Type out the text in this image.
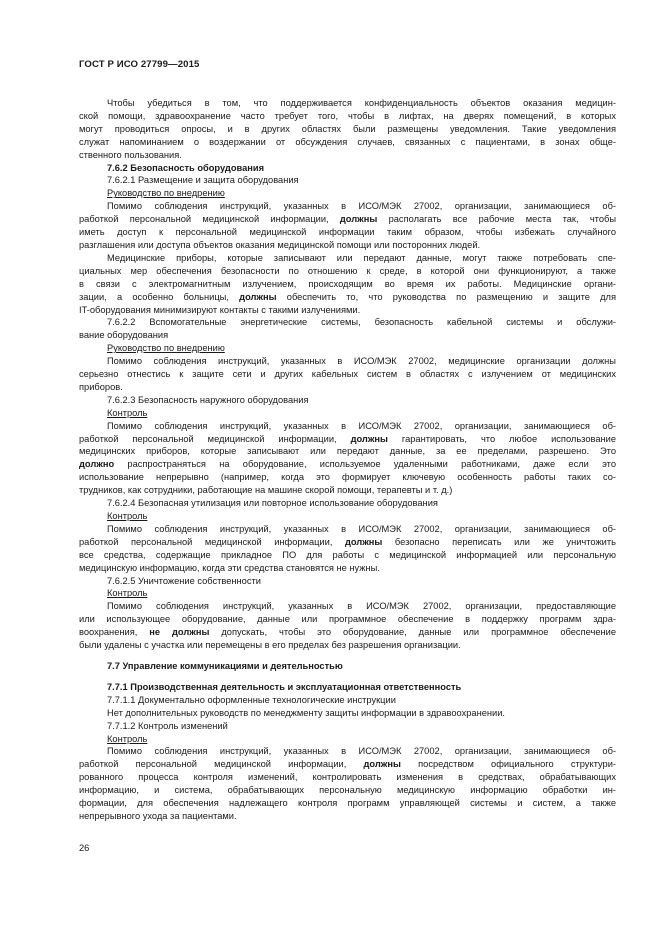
ГОСТ Р ИСО 27799—2015
Чтобы убедиться в том, что поддерживается конфиденциальность объектов оказания медицин-
ской помощи, здравоохранение часто требует того, чтобы в лифтах, на дверях помещений, в которых
могут проводиться опросы, и в других областях были размещены уведомления. Такие уведомления
служат напоминанием о воздержании от обсуждения случаев, связанных с пациентами, в зонах обще-
ственного пользования.
7.6.2 Безопасность оборудования
7.6.2.1 Размещение и защита оборудования
Руководство по внедрению
Помимо соблюдения инструкций, указанных в ИСО/МЭК 27002, организации, занимающиеся об-
работкой персональной медицинской информации, должны располагать все рабочие места так, чтобы
иметь доступ к персональной медицинской информации таким образом, чтобы избежать случайного
разглашения или доступа объектов оказания медицинской помощи или посторонних людей.
Медицинские приборы, которые записывают или передают данные, могут также потребовать спе-
циальных мер обеспечения безопасности по отношению к среде, в которой они функционируют, а также
в связи с электромагнитным излучением, происходящим во время их работы. Медицинские органи-
зации, а особенно больницы, должны обеспечить то, что руководства по размещению и защите для
IT-оборудования минимизируют контакты с такими излучениями.
7.6.2.2 Вспомогательные энергетические системы, безопасность кабельной системы и обслужи-
вание оборудования
Руководство по внедрению
Помимо соблюдения инструкций, указанных в ИСО/МЭК 27002, медицинские организации должны
серьезно отнестись к защите сети и других кабельных систем в областях с излучением от медицинских
приборов.
7.6.2.3 Безопасность наружного оборудования
Контроль
Помимо соблюдения инструкций, указанных в ИСО/МЭК 27002, организации, занимающиеся об-
работкой персональной медицинской информации, должны гарантировать, что любое использование
медицинских приборов, которые записывают или передают данные, за ее пределами, разрешено. Это
должно распространяться на оборудование, используемое удаленными работниками, даже если это
использование непрерывно (например, когда это формирует ключевую особенность работы таких со-
трудников, как сотрудники, работающие на машине скорой помощи, терапевты и т. д.)
7.6.2.4 Безопасная утилизация или повторное использование оборудования
Контроль
Помимо соблюдения инструкций, указанных в ИСО/МЭК 27002, организации, занимающиеся об-
работкой персональной медицинской информации, должны безопасно переписать или же уничтожить
все средства, содержащие прикладное ПО для работы с медицинской информацией или персональную
медицинскую информацию, когда эти средства становятся не нужны.
7.6.2.5 Уничтожение собственности
Контроль
Помимо соблюдения инструкций, указанных в ИСО/МЭК 27002, организации, предоставляющие
или использующее оборудование, данные или программное обеспечение в поддержку программ здра-
воохранения, не должны допускать, чтобы это оборудование, данные или программное обеспечение
были удалены с участка или перемещены в его пределах без разрешения организации.
7.7 Управление коммуникациями и деятельностью
7.7.1 Производственная деятельность и эксплуатационная ответственность
7.7.1.1 Документально оформленные технологические инструкции
Нет дополнительных руководств по менеджменту защиты информации в здравоохранении.
7.7.1.2 Контроль изменений
Контроль
Помимо соблюдения инструкций, указанных в ИСО/МЭК 27002, организации, занимающиеся об-
работкой персональной медицинской информации, должны посредством официального структури-
рованного процесса контроля изменений, контролировать изменения в средствах, обрабатывающих
информацию, и система, обрабатывающих персональную медицинскую информацию обработки ин-
формации, для обеспечения надлежащего контроля программ управляющей системы и систем, а также
непрерывного ухода за пациентами.
26
